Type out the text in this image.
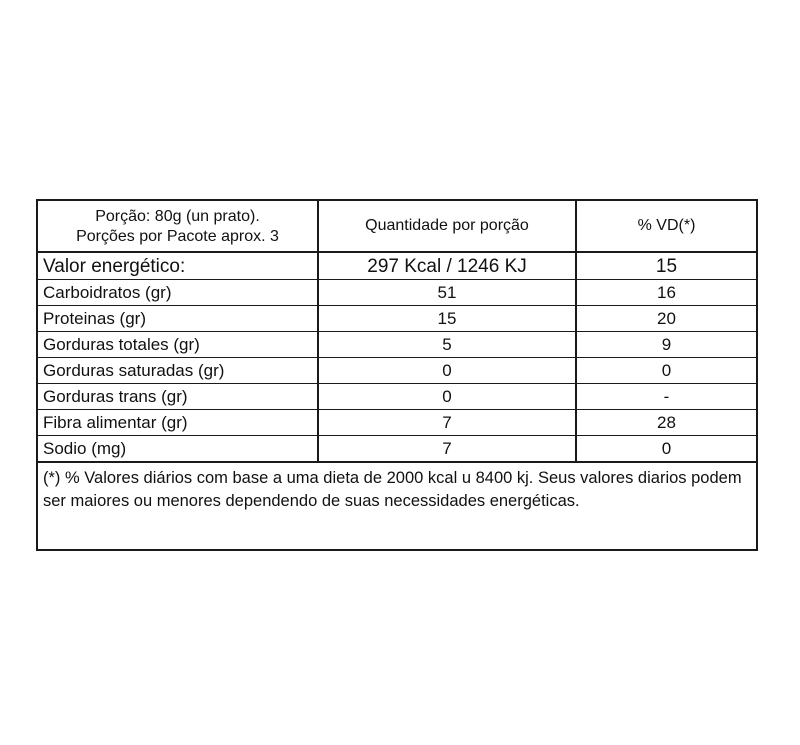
Porção: 80g (un prato).
Porções por Pacote aprox. 3	Quantidade por porção	% VD(*)
Valor energético:	297 Kcal / 1246 KJ	15
Carboidratos (gr)	51	16
Proteinas (gr)	15	20
Gorduras totales (gr)	5	9
Gorduras saturadas (gr)	0	0
Gorduras trans (gr)	0	-
Fibra alimentar (gr)	7	28
Sodio (mg)	7	0
(*) % Valores diários com base a uma dieta de 2000 kcal u 8400 kj. Seus valores diarios podem ser maiores ou menores dependendo de suas necessidades energéticas.		
